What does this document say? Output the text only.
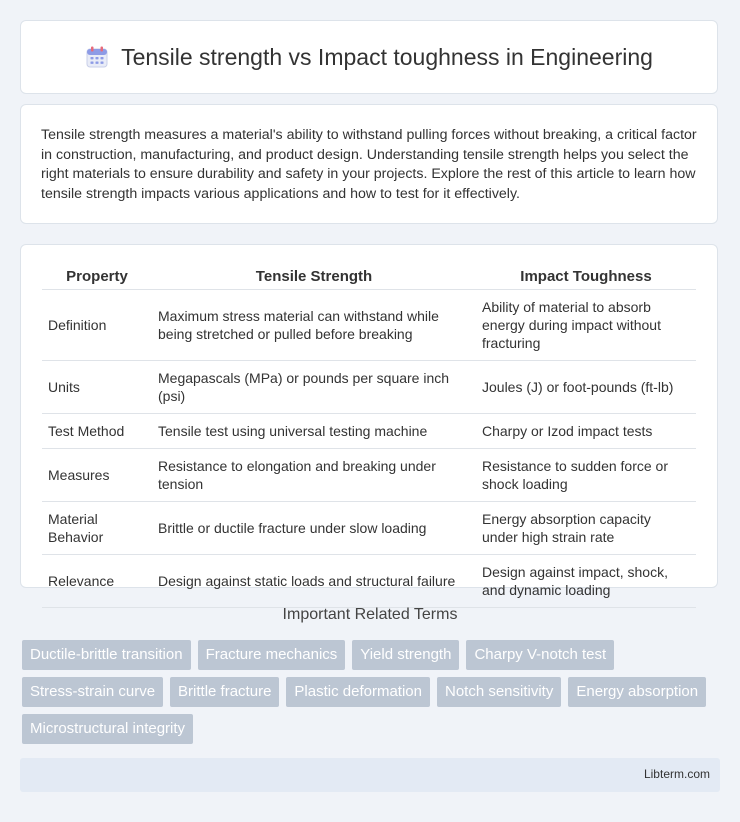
Tensile strength vs Impact toughness in Engineering
Tensile strength measures a material's ability to withstand pulling forces without breaking, a critical factor in construction, manufacturing, and product design. Understanding tensile strength helps you select the right materials to ensure durability and safety in your projects. Explore the rest of this article to learn how tensile strength impacts various applications and how to test for it effectively.
Property	Tensile Strength	Impact Toughness
Definition	Maximum stress material can withstand while being stretched or pulled before breaking	Ability of material to absorb energy during impact without fracturing
Units	Megapascals (MPa) or pounds per square inch (psi)	Joules (J) or foot-pounds (ft-lb)
Test Method	Tensile test using universal testing machine	Charpy or Izod impact tests
Measures	Resistance to elongation and breaking under tension	Resistance to sudden force or shock loading
Material Behavior	Brittle or ductile fracture under slow loading	Energy absorption capacity under high strain rate
Relevance	Design against static loads and structural failure	Design against impact, shock, and dynamic loading
Important Related Terms
Ductile-brittle transition	Fracture mechanics	Yield strength	Charpy V-notch test
Stress-strain curve	Brittle fracture	Plastic deformation	Notch sensitivity	Energy absorption
Microstructural integrity
Libterm.com
